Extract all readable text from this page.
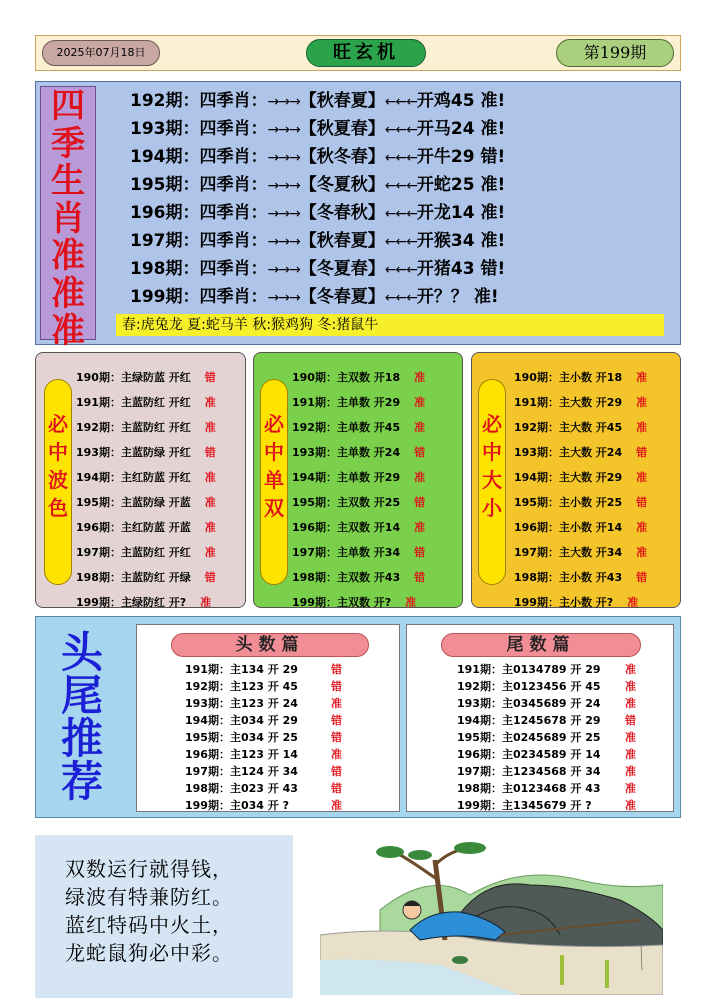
2025年07月18日	旺玄机	第199期
四
季
生
肖
准
准
准
192期：四季肖：→→→【秋春夏】←←←开鸡45 准!
193期：四季肖：→→→【秋夏春】←←←开马24 准!
194期：四季肖：→→→【秋冬春】←←←开牛29 错!
195期：四季肖：→→→【冬夏秋】←←←开蛇25 准!
196期：四季肖：→→→【冬春秋】←←←开龙14 准!
197期：四季肖：→→→【秋春夏】←←←开猴34 准!
198期：四季肖：→→→【冬夏春】←←←开猪43 错!
199期：四季肖：→→→【冬春夏】←←←开？？ 准!
春:虎兔龙 夏:蛇马羊 秋:猴鸡狗 冬:猪鼠牛
必
中
波
色
190期：主绿防蓝 开红 错
191期：主蓝防红 开红 准
192期：主蓝防红 开红 准
193期：主蓝防绿 开红 错
194期：主红防蓝 开红 准
195期：主蓝防绿 开蓝 准
196期：主红防蓝 开蓝 准
197期：主蓝防红 开红 准
198期：主蓝防红 开绿 错
199期：主绿防红 开? 准
必
中
单
双
190期：主双数 开18 准
191期：主单数 开29 准
192期：主单数 开45 准
193期：主单数 开24 错
194期：主单数 开29 准
195期：主双数 开25 错
196期：主双数 开14 准
197期：主单数 开34 错
198期：主双数 开43 错
199期：主双数 开? 准
必
中
大
小
190期：主小数 开18 准
191期：主大数 开29 准
192期：主大数 开45 准
193期：主大数 开24 错
194期：主大数 开29 准
195期：主小数 开25 错
196期：主小数 开14 准
197期：主大数 开34 准
198期：主小数 开43 错
199期：主小数 开? 准
头
尾
推
荐
头数篇
191期：主134 开 29	错
192期：主123 开 45	错
193期：主123 开 24	准
194期：主034 开 29	错
195期：主034 开 25	错
196期：主123 开 14	准
197期：主124 开 34	错
198期：主023 开 43	错
199期：主034 开 ?	准
尾数篇
191期：主0134789 开 29 准
192期：主0123456 开 45 准
193期：主0345689 开 24 准
194期：主1245678 开 29 错
195期：主0245689 开 25 准
196期：主0234589 开 14 准
197期：主1234568 开 34 准
198期：主0123468 开 43 准
199期：主1345679 开 ?	准
双数运行就得钱，
绿波有特兼防红。
蓝红特码中火土，
龙蛇鼠狗必中彩。
